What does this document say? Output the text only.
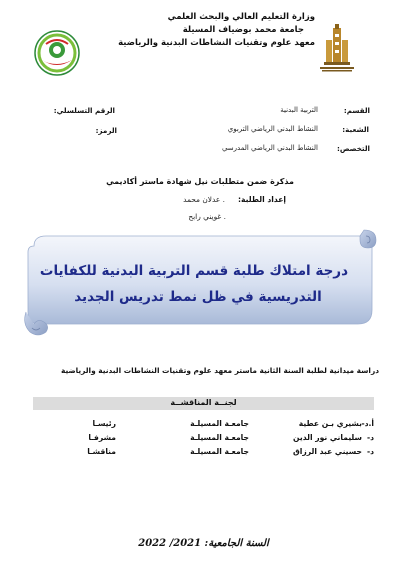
وزارة التعليم العالي والبحث العلمي
جامعة محمد بوضياف المسيلة
معهد علوم وتقنيات النشاطات البدنية والرياضية
القسم:
التربية البدنية
الشعبة:
النشاط البدني الرياضي التربوي
التخصص:
النشاط البدني الرياضي المدرسي
الرقم التسلسلي:
الرمز:
مذكرة ضمن متطلبات نيل شهادة ماستر أكاديمي
إعداد الطلبة:
. عدلان محمد
. غويني رابح
درجة امتلاك طلبة قسم التربية البدنية للكفايات
التدريسية في ظل نمط تدريس الجديد
دراسة ميدانية لطلبة السنة الثانية ماستر معهد علوم وتقنيات النشاطات البدنية والرياضية
لجنــة المناقشــة
أ.د-
بشيري بـن عطية
جامعـة المسيلـة
رئيسـا
د-
سليماني نور الدين
جامعـة المسيلـة
مشرفـا
د-
حسيني عبد الرزاق
جامعـة المسيلـة
مناقشـا
السنة الجامعية: 2021/ 2022
